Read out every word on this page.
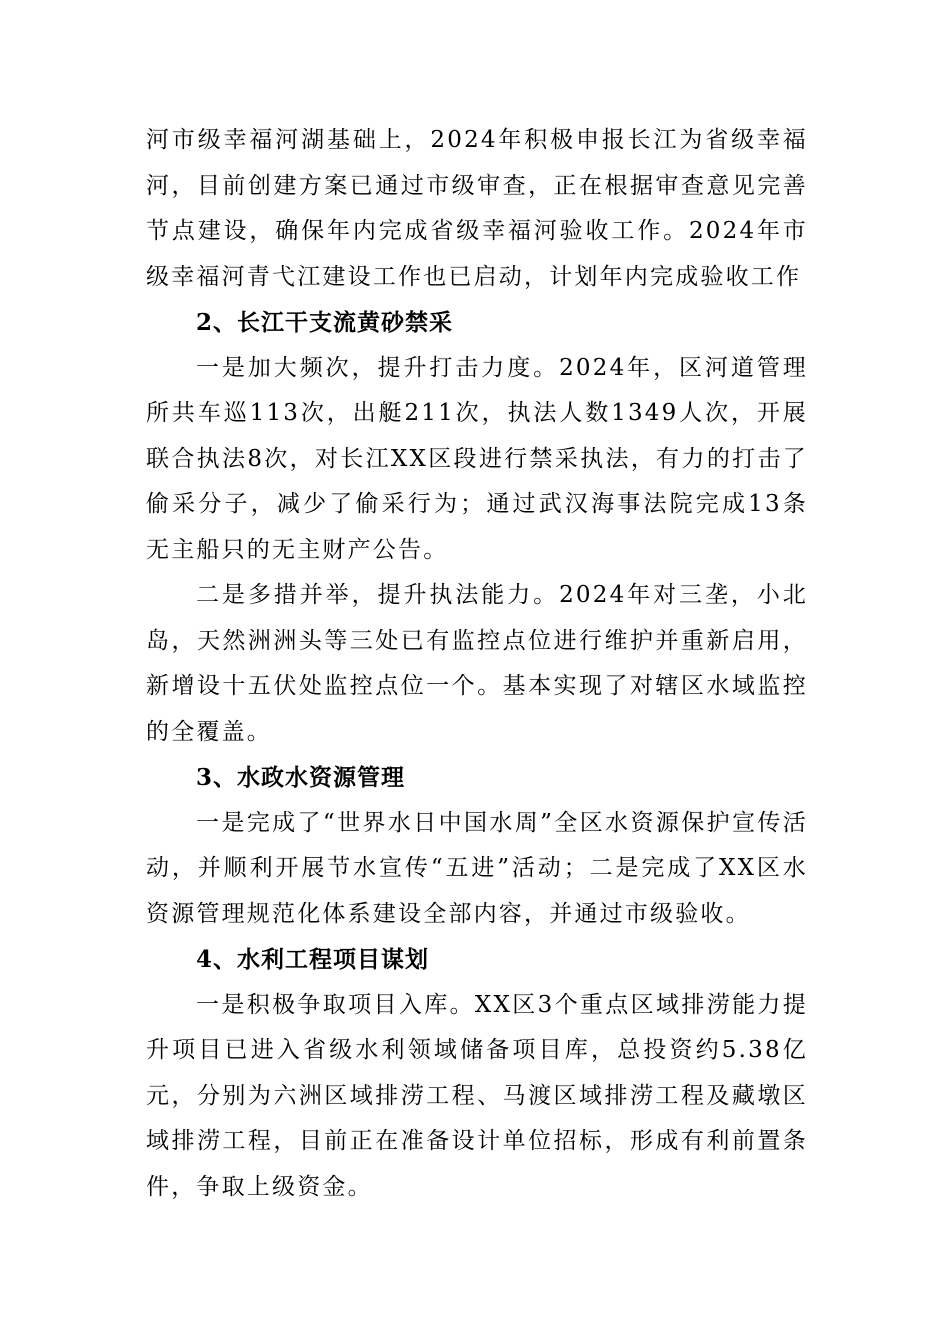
河市级幸福河湖基础上，2024年积极申报长江为省级幸福河，目前创建方案已通过市级审查，正在根据审查意见完善节点建设，确保年内完成省级幸福河验收工作。2024年市级幸福河青弋江建设工作也已启动，计划年内完成验收工作

2、长江干支流黄砂禁采

一是加大频次，提升打击力度。2024年，区河道管理所共车巡113次，出艇211次，执法人数1349人次，开展联合执法8次，对长江XX区段进行禁采执法，有力的打击了偷采分子，减少了偷采行为；通过武汉海事法院完成13条无主船只的无主财产公告。

二是多措并举，提升执法能力。2024年对三垄，小北岛，天然洲洲头等三处已有监控点位进行维护并重新启用，新增设十五伏处监控点位一个。基本实现了对辖区水域监控的全覆盖。

3、水政水资源管理

一是完成了“世界水日中国水周”全区水资源保护宣传活动，并顺利开展节水宣传“五进”活动；二是完成了XX区水资源管理规范化体系建设全部内容，并通过市级验收。

4、水利工程项目谋划

一是积极争取项目入库。XX区3个重点区域排涝能力提升项目已进入省级水利领域储备项目库，总投资约5.38亿元，分别为六洲区域排涝工程、马渡区域排涝工程及藏墩区域排涝工程，目前正在准备设计单位招标，形成有利前置条件，争取上级资金。
